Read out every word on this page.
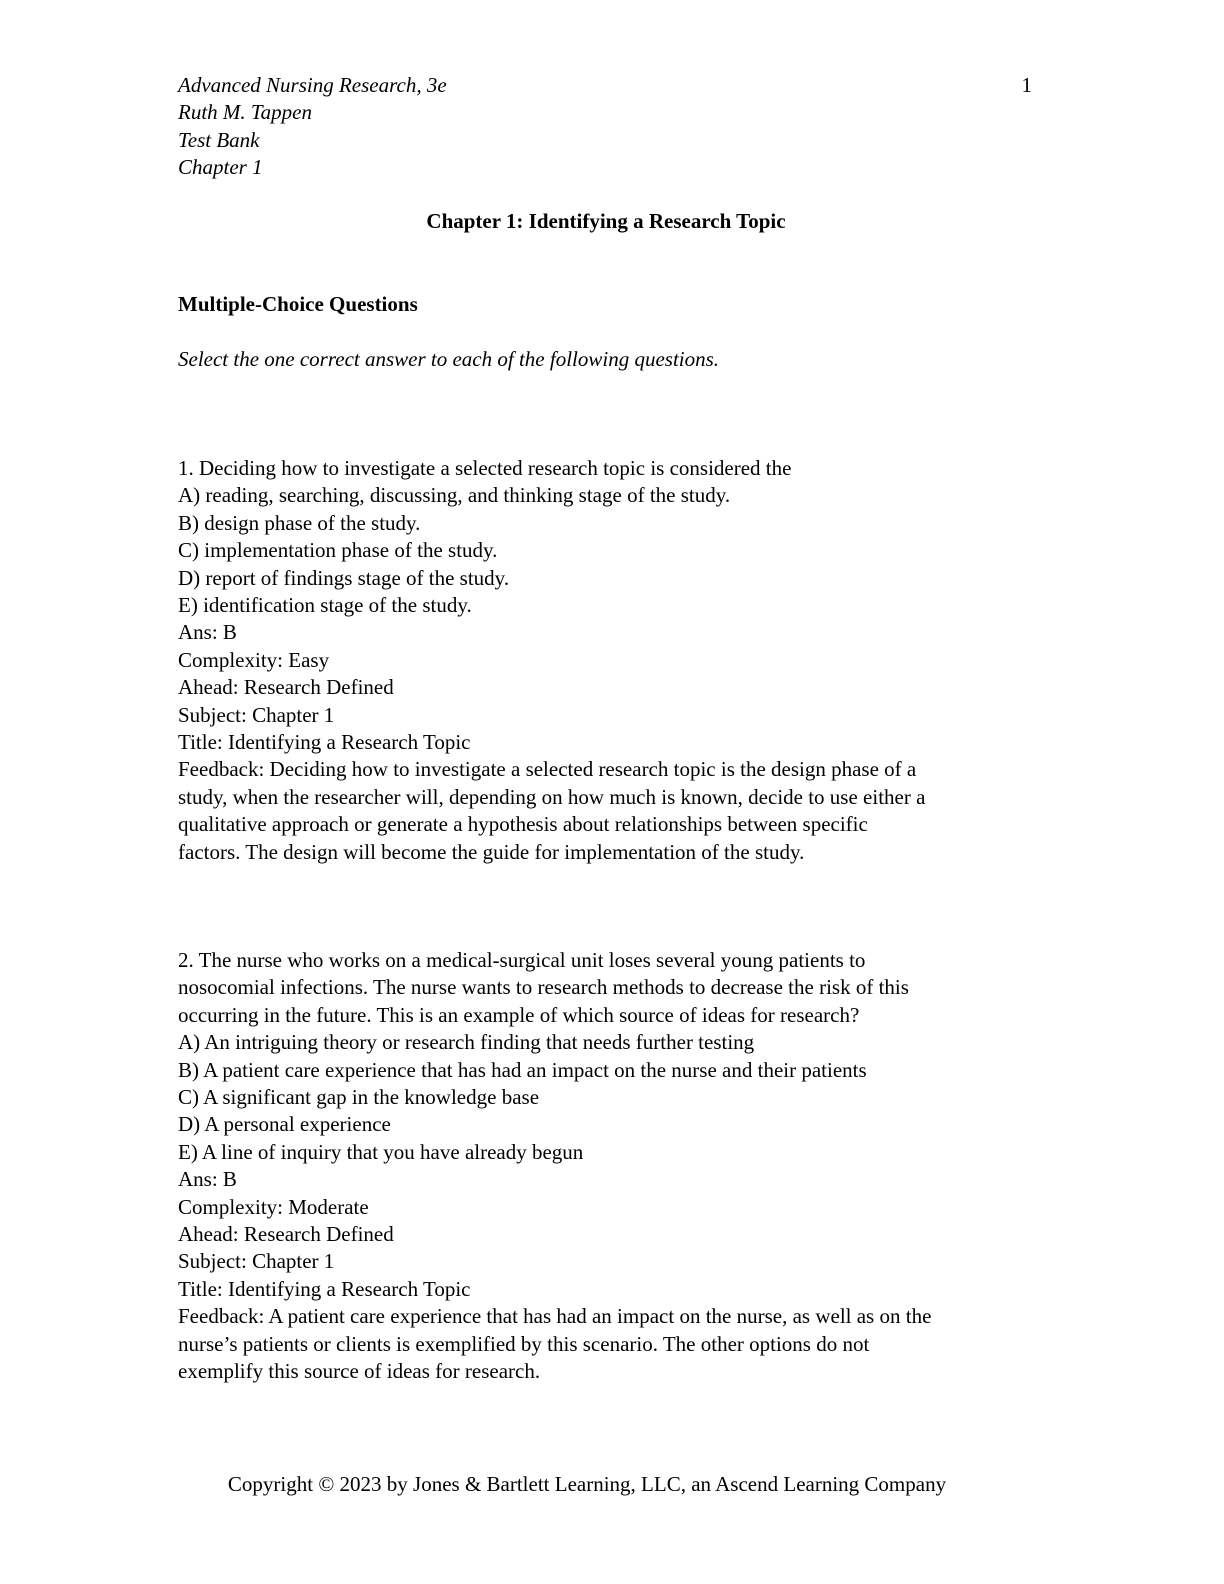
Advanced Nursing Research, 3e
Ruth M. Tappen
Test Bank
Chapter 1
1
Chapter 1: Identifying a Research Topic
Multiple-Choice Questions
Select the one correct answer to each of the following questions.
1. Deciding how to investigate a selected research topic is considered the
A) reading, searching, discussing, and thinking stage of the study.
B) design phase of the study.
C) implementation phase of the study.
D) report of findings stage of the study.
E) identification stage of the study.
Ans: B
Complexity: Easy
Ahead: Research Defined
Subject: Chapter 1
Title: Identifying a Research Topic
Feedback: Deciding how to investigate a selected research topic is the design phase of a
study, when the researcher will, depending on how much is known, decide to use either a
qualitative approach or generate a hypothesis about relationships between specific
factors. The design will become the guide for implementation of the study.
2. The nurse who works on a medical-surgical unit loses several young patients to
nosocomial infections. The nurse wants to research methods to decrease the risk of this
occurring in the future. This is an example of which source of ideas for research?
A) An intriguing theory or research finding that needs further testing
B) A patient care experience that has had an impact on the nurse and their patients
C) A significant gap in the knowledge base
D) A personal experience
E) A line of inquiry that you have already begun
Ans: B
Complexity: Moderate
Ahead: Research Defined
Subject: Chapter 1
Title: Identifying a Research Topic
Feedback: A patient care experience that has had an impact on the nurse, as well as on the
nurse’s patients or clients is exemplified by this scenario. The other options do not
exemplify this source of ideas for research.
Copyright © 2023 by Jones & Bartlett Learning, LLC, an Ascend Learning Company
